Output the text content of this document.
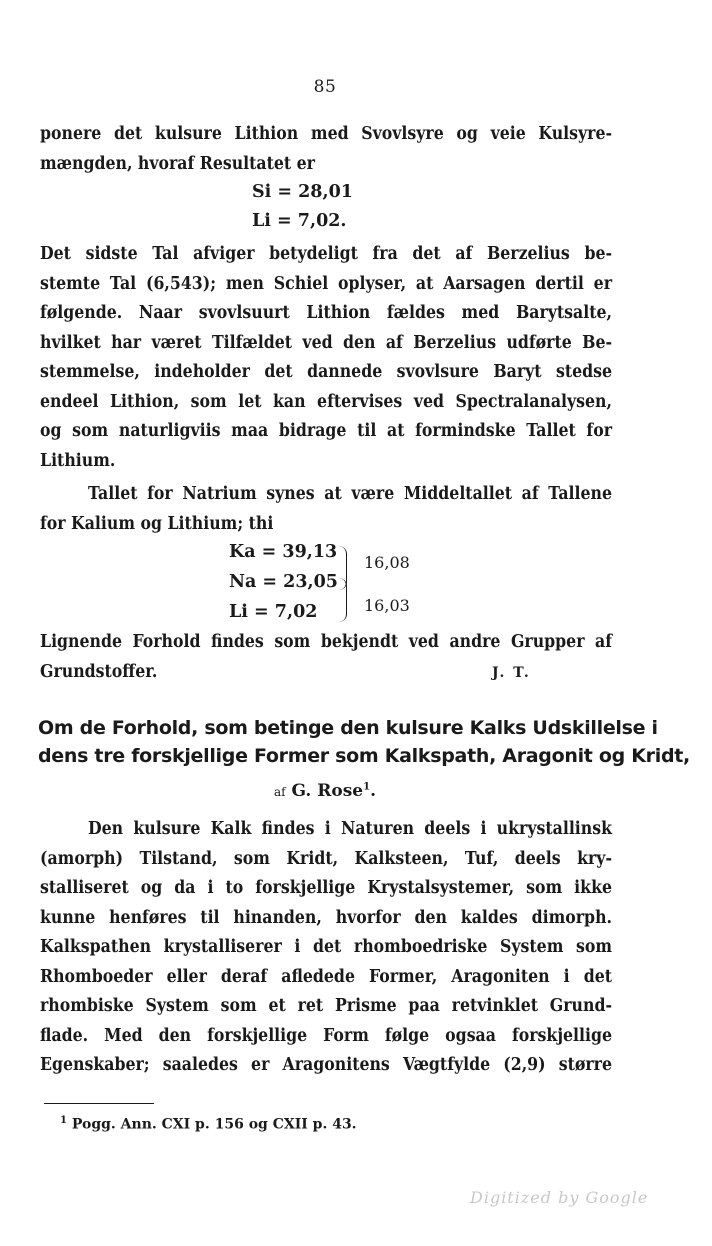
85
ponere det kulsure Lithion med Svovlsyre og veie Kulsyre-
mængden, hvoraf Resultatet er
Si = 28,01
Li = 7,02.
Det sidste Tal afviger betydeligt fra det af Berzelius be-
stemte Tal (6,543); men Schiel oplyser, at Aarsagen dertil er
følgende. Naar svovlsuurt Lithion fældes med Barytsalte,
hvilket har været Tilfældet ved den af Berzelius udførte Be-
stemmelse, indeholder det dannede svovlsure Baryt stedse
endeel Lithion, som let kan eftervises ved Spectralanalysen,
og som naturligviis maa bidrage til at formindske Tallet for
Lithium.
Tallet for Natrium synes at være Middeltallet af Tallene
for Kalium og Lithium; thi
Ka = 39,13
Na = 23,05
Li = 7,02
16,08
16,03
Lignende Forhold findes som bekjendt ved andre Grupper af
Grundstoffer.	J. T.
Om de Forhold, som betinge den kulsure Kalks Udskillelse i
dens tre forskjellige Former som Kalkspath, Aragonit og Kridt,
af G. Rose$^1$.
Den kulsure Kalk findes i Naturen deels i ukrystallinsk
(amorph) Tilstand, som Kridt, Kalksteen, Tuf, deels kry-
stalliseret og da i to forskjellige Krystalsystemer, som ikke
kunne henføres til hinanden, hvorfor den kaldes dimorph.
Kalkspathen krystalliserer i det rhomboedriske System som
Rhomboeder eller deraf afledede Former, Aragoniten i det
rhombiske System som et ret Prisme paa retvinklet Grund-
flade. Med den forskjellige Form følge ogsaa forskjellige
Egenskaber; saaledes er Aragonitens Vægtfylde (2,9) større
$^1$ Pogg. Ann. CXI p. 156 og CXII p. 43.
Digitized by Google
